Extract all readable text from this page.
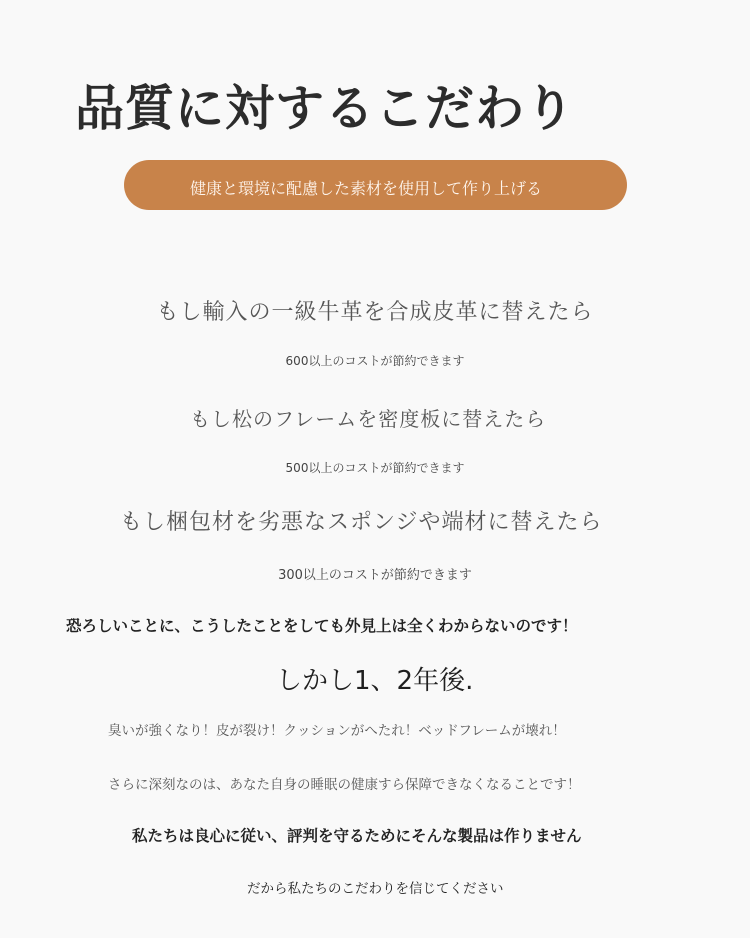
品質に対するこだわり
健康と環境に配慮した素材を使用して作り上げる
もし輸入の一級牛革を合成皮革に替えたら
600以上のコストが節約できます
もし松のフレームを密度板に替えたら
500以上のコストが節約できます
もし梱包材を劣悪なスポンジや端材に替えたら
300以上のコストが節約できます
恐ろしいことに、こうしたことをしても外見上は全くわからないのです！
しかし1、2年後.
臭いが強くなり！皮が裂け！クッションがへたれ！ベッドフレームが壊れ！
さらに深刻なのは、あなた自身の睡眠の健康すら保障できなくなることです！
私たちは良心に従い、評判を守るためにそんな製品は作りません
だから私たちのこだわりを信じてください
